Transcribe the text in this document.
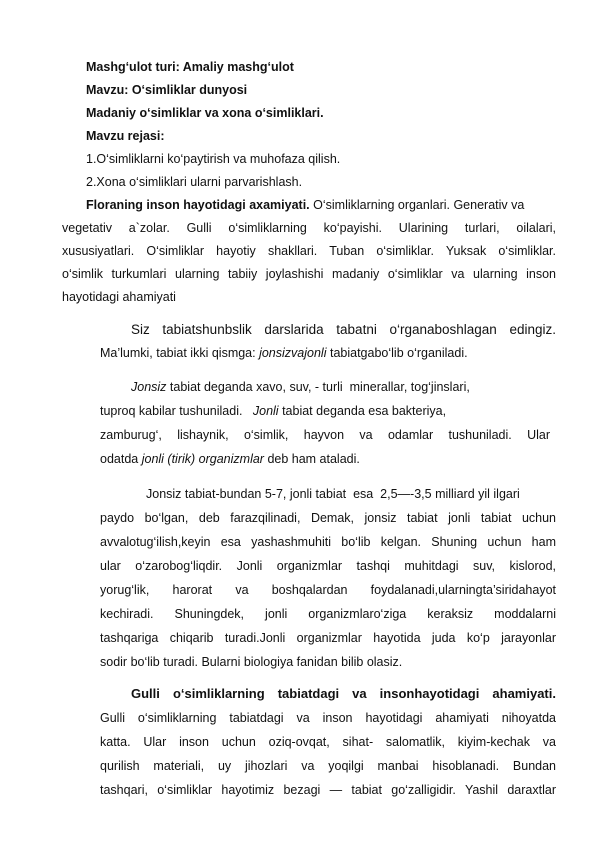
Mashg‘ulot turi: Amaliy mashg‘ulot
Mavzu: O‘simliklar dunyosi
Madaniy o‘simliklar va xona o‘simliklari.
Mavzu rejasi:
1.O‘simliklarni ko‘paytirish va muhofaza qilish.
2.Xona o‘simliklari ularni parvarishlash.
Floraning inson hayotidagi axamiyati. O‘simliklarning organlari. Generativ va
vegetativ a`zolar. Gulli o‘simliklarning ko‘payishi. Ularining turlari, oilalari,
xususiyatlari. O‘simliklar hayotiy shakllari. Tuban o‘simliklar. Yuksak o‘simliklar.
o‘simlik turkumlari ularning tabiiy joylashishi madaniy o‘simliklar va ularning inson
hayotidagi ahamiyati
Siz tabiatshunbslik darslarida tabatni o‘rganaboshlagan edingiz.
Ma’lumki, tabiat ikki qismga: jonsizvajonli tabiatgabo‘lib o‘rganiladi.
Jonsiz tabiat deganda xavo, suv, - turli  minerallar, tog‘jinslari,
tuproq kabilar tushuniladi.   Jonli tabiat deganda esa bakteriya,
zamburug‘, lishaynik, o‘simlik, hayvon va odamlar tushuniladi. Ular
odatda jonli (tirik) organizmlar deb ham ataladi.
Jonsiz tabiat-bundan 5-7, jonli tabiat  esa  2,5—-3,5 milliard yil ilgari
paydo bo‘lgan, deb farazqilinadi, Demak, jonsiz tabiat jonli tabiat uchun
avvalotug‘ilish,keyin esa yashashmuhiti bo‘lib kelgan. Shuning uchun ham
ular o‘zarobog‘liqdir. Jonli organizmlar tashqi muhitdagi suv, kislorod,
yorug‘lik, harorat va boshqalardan foydalanadi,ularningta’siridahayot
kechiradi. Shuningdek, jonli organizmlaro‘ziga keraksiz moddalarni
tashqariga chiqarib turadi.Jonli organizmlar hayotida juda ko‘p jarayonlar
sodir bo‘lib turadi. Bularni biologiya fanidan bilib olasiz.
Gulli o‘simliklarning tabiatdagi va insonhayotidagi ahamiyati.
Gulli o‘simliklarning tabiatdagi va inson hayotidagi ahamiyati nihoyatda
katta. Ular inson uchun oziq-ovqat, sihat- salomatlik, kiyim-kechak va
qurilish materiali, uy jihozlari va yoqilgi manbai hisoblanadi. Bundan
tashqari, o‘simliklar hayotimiz bezagi — tabiat go‘zalligidir. Yashil daraxtlar
